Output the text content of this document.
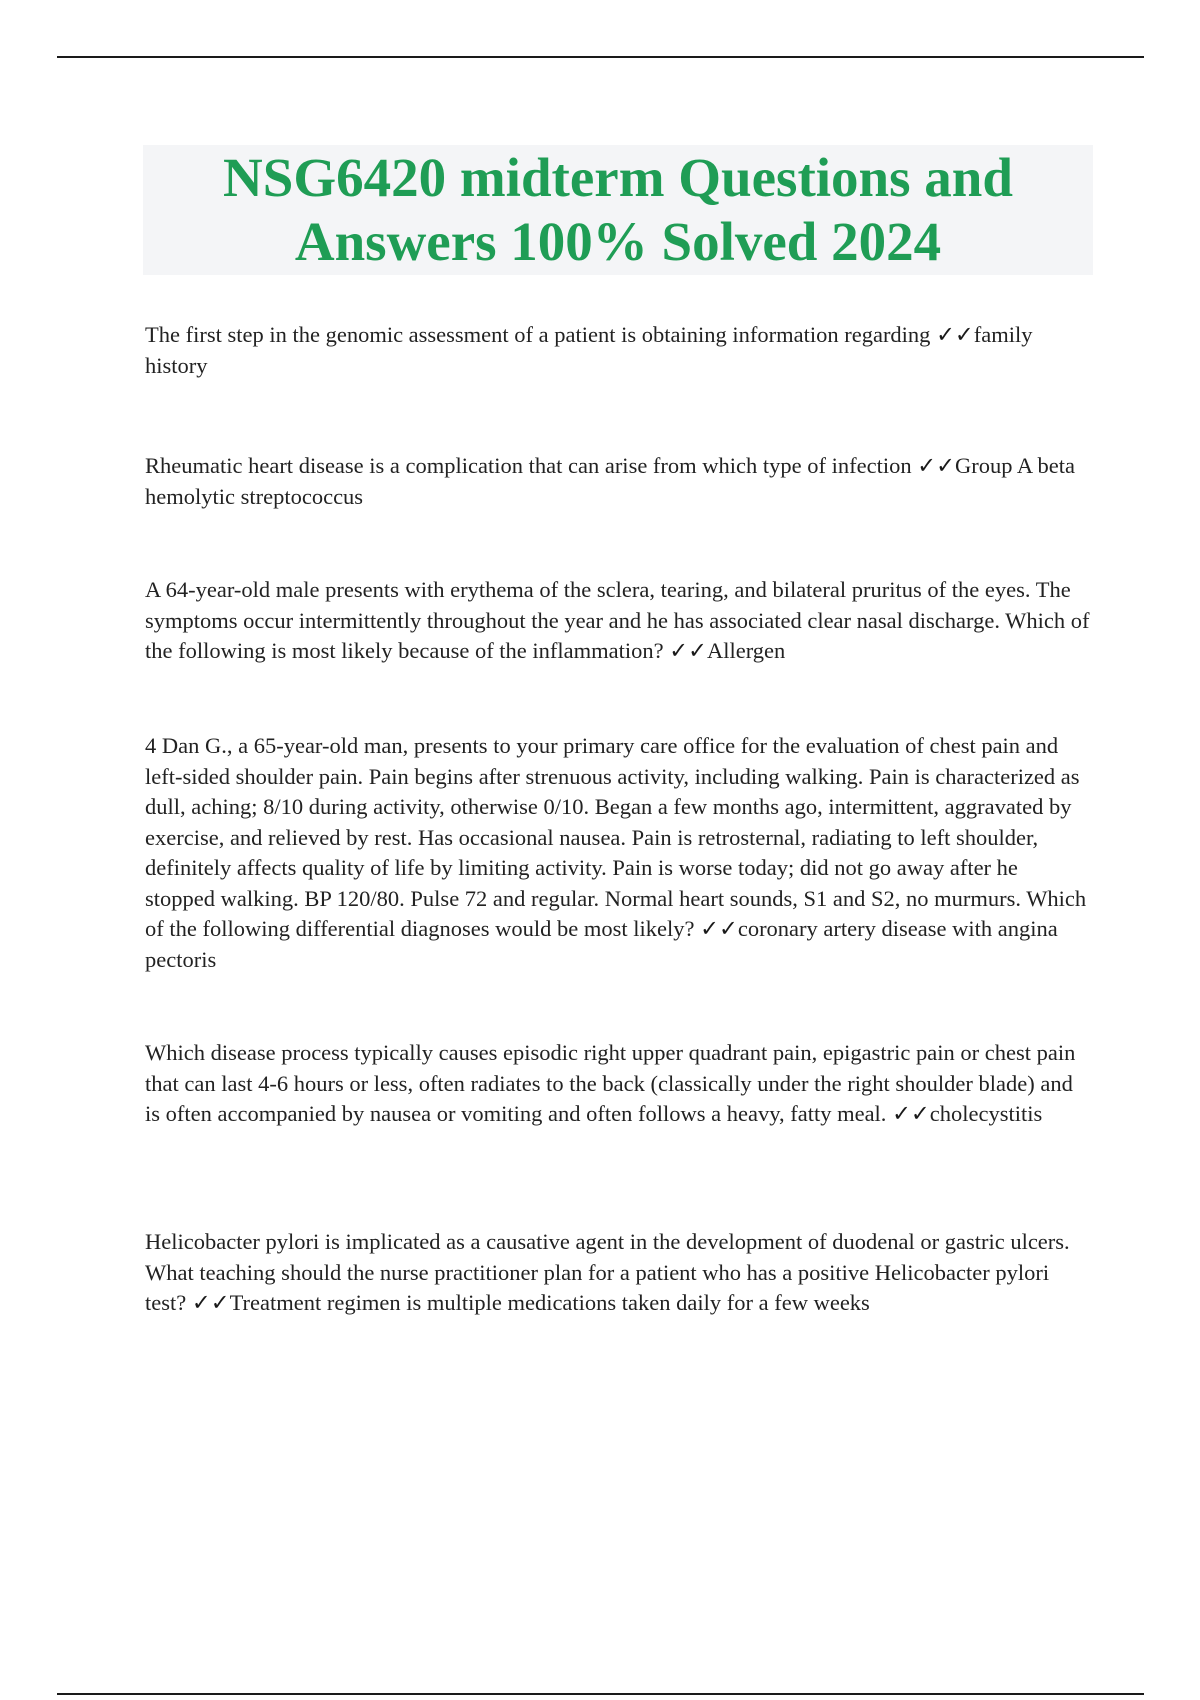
NSG6420 midterm Questions and
Answers 100% Solved 2024

The first step in the genomic assessment of a patient is obtaining information regarding ✓✓family history

Rheumatic heart disease is a complication that can arise from which type of infection ✓✓Group A beta hemolytic streptococcus

A 64-year-old male presents with erythema of the sclera, tearing, and bilateral pruritus of the eyes. The symptoms occur intermittently throughout the year and he has associated clear nasal discharge. Which of the following is most likely because of the inflammation? ✓✓Allergen

4 Dan G., a 65-year-old man, presents to your primary care office for the evaluation of chest pain and left-sided shoulder pain. Pain begins after strenuous activity, including walking. Pain is characterized as dull, aching; 8/10 during activity, otherwise 0/10. Began a few months ago, intermittent, aggravated by exercise, and relieved by rest. Has occasional nausea. Pain is retrosternal, radiating to left shoulder, definitely affects quality of life by limiting activity. Pain is worse today; did not go away after he stopped walking. BP 120/80. Pulse 72 and regular. Normal heart sounds, S1 and S2, no murmurs. Which of the following differential diagnoses would be most likely? ✓✓coronary artery disease with angina pectoris

Which disease process typically causes episodic right upper quadrant pain, epigastric pain or chest pain that can last 4-6 hours or less, often radiates to the back (classically under the right shoulder blade) and is often accompanied by nausea or vomiting and often follows a heavy, fatty meal. ✓✓cholecystitis

Helicobacter pylori is implicated as a causative agent in the development of duodenal or gastric ulcers. What teaching should the nurse practitioner plan for a patient who has a positive Helicobacter pylori test? ✓✓Treatment regimen is multiple medications taken daily for a few weeks
